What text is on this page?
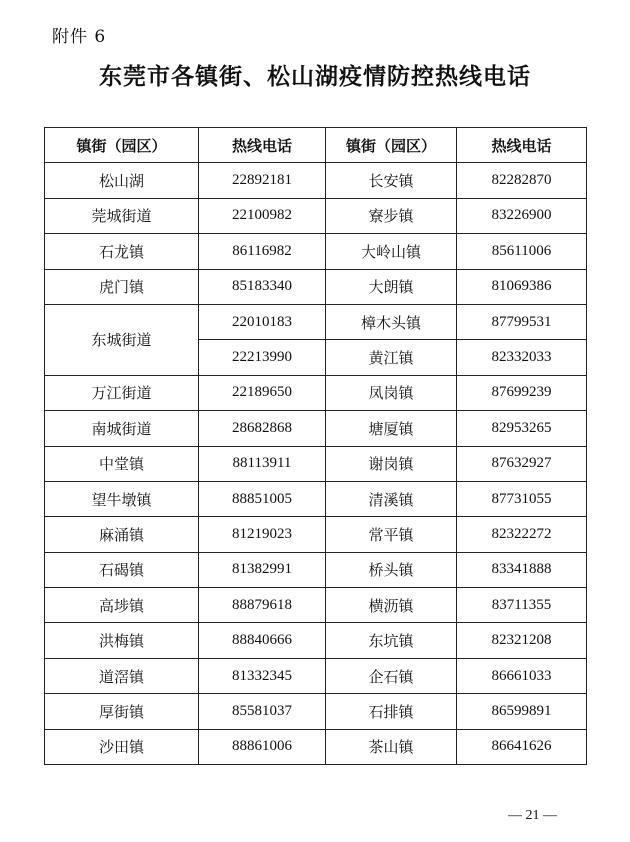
附件 6
东莞市各镇街、松山湖疫情防控热线电话
镇街（园区）	热线电话	镇街（园区）	热线电话
松山湖	22892181	长安镇	82282870
莞城街道	22100982	寮步镇	83226900
石龙镇	86116982	大岭山镇	85611006
虎门镇	85183340	大朗镇	81069386
东城街道	22010183	樟木头镇	87799531
	22213990	黄江镇	82332033
万江街道	22189650	凤岗镇	87699239
南城街道	28682868	塘厦镇	82953265
中堂镇	88113911	谢岗镇	87632927
望牛墩镇	88851005	清溪镇	87731055
麻涌镇	81219023	常平镇	82322272
石碣镇	81382991	桥头镇	83341888
高埗镇	88879618	横沥镇	83711355
洪梅镇	88840666	东坑镇	82321208
道滘镇	81332345	企石镇	86661033
厚街镇	85581037	石排镇	86599891
沙田镇	88861006	茶山镇	86641626
— 21 —
